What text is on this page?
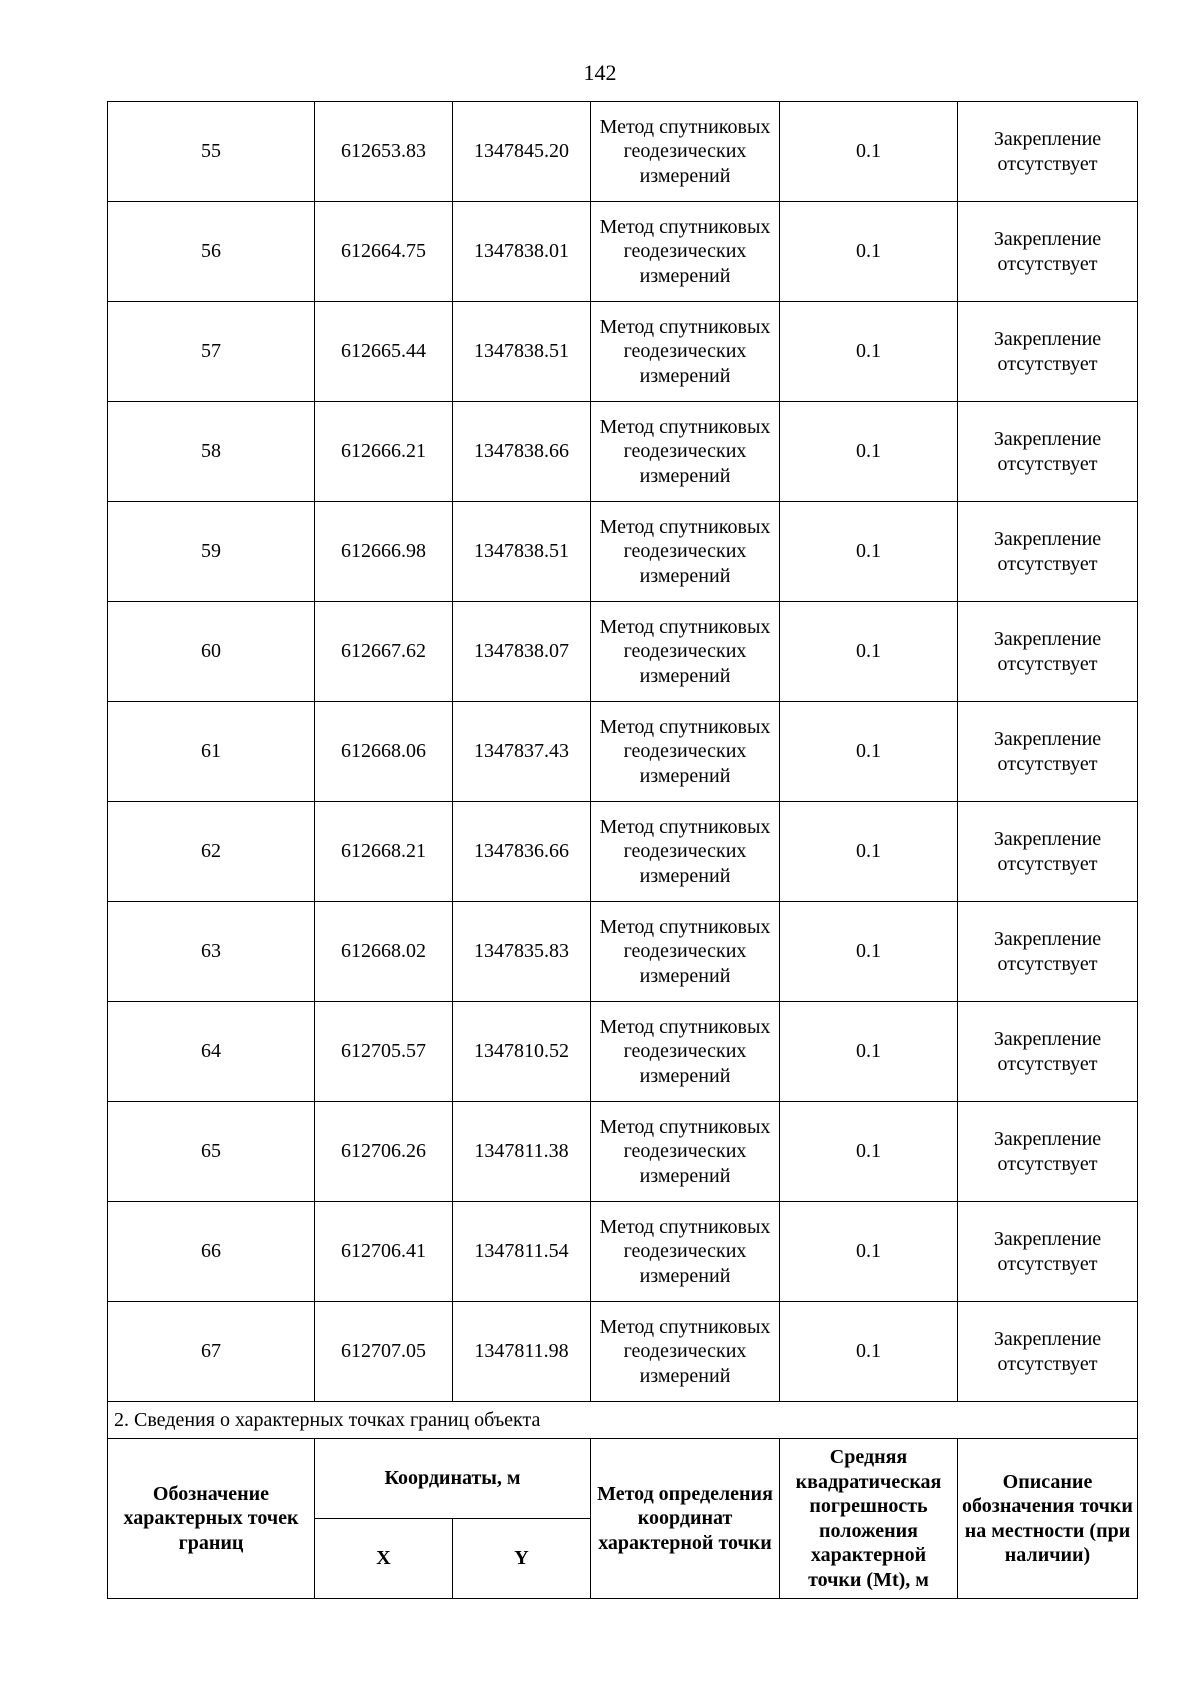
142
55	612653.83	1347845.20	Метод спутниковых геодезических измерений	0.1	Закрепление отсутствует
56	612664.75	1347838.01	Метод спутниковых геодезических измерений	0.1	Закрепление отсутствует
57	612665.44	1347838.51	Метод спутниковых геодезических измерений	0.1	Закрепление отсутствует
58	612666.21	1347838.66	Метод спутниковых геодезических измерений	0.1	Закрепление отсутствует
59	612666.98	1347838.51	Метод спутниковых геодезических измерений	0.1	Закрепление отсутствует
60	612667.62	1347838.07	Метод спутниковых геодезических измерений	0.1	Закрепление отсутствует
61	612668.06	1347837.43	Метод спутниковых геодезических измерений	0.1	Закрепление отсутствует
62	612668.21	1347836.66	Метод спутниковых геодезических измерений	0.1	Закрепление отсутствует
63	612668.02	1347835.83	Метод спутниковых геодезических измерений	0.1	Закрепление отсутствует
64	612705.57	1347810.52	Метод спутниковых геодезических измерений	0.1	Закрепление отсутствует
65	612706.26	1347811.38	Метод спутниковых геодезических измерений	0.1	Закрепление отсутствует
66	612706.41	1347811.54	Метод спутниковых геодезических измерений	0.1	Закрепление отсутствует
67	612707.05	1347811.98	Метод спутниковых геодезических измерений	0.1	Закрепление отсутствует
2. Сведения о характерных точках границ объекта					
Обозначение характерных точек границ	Координаты, м		Метод определения координат характерной точки	Средняя квадратическая погрешность положения характерной точки (Mt), м	Описание обозначения точки на местности (при наличии)
	X	Y			
